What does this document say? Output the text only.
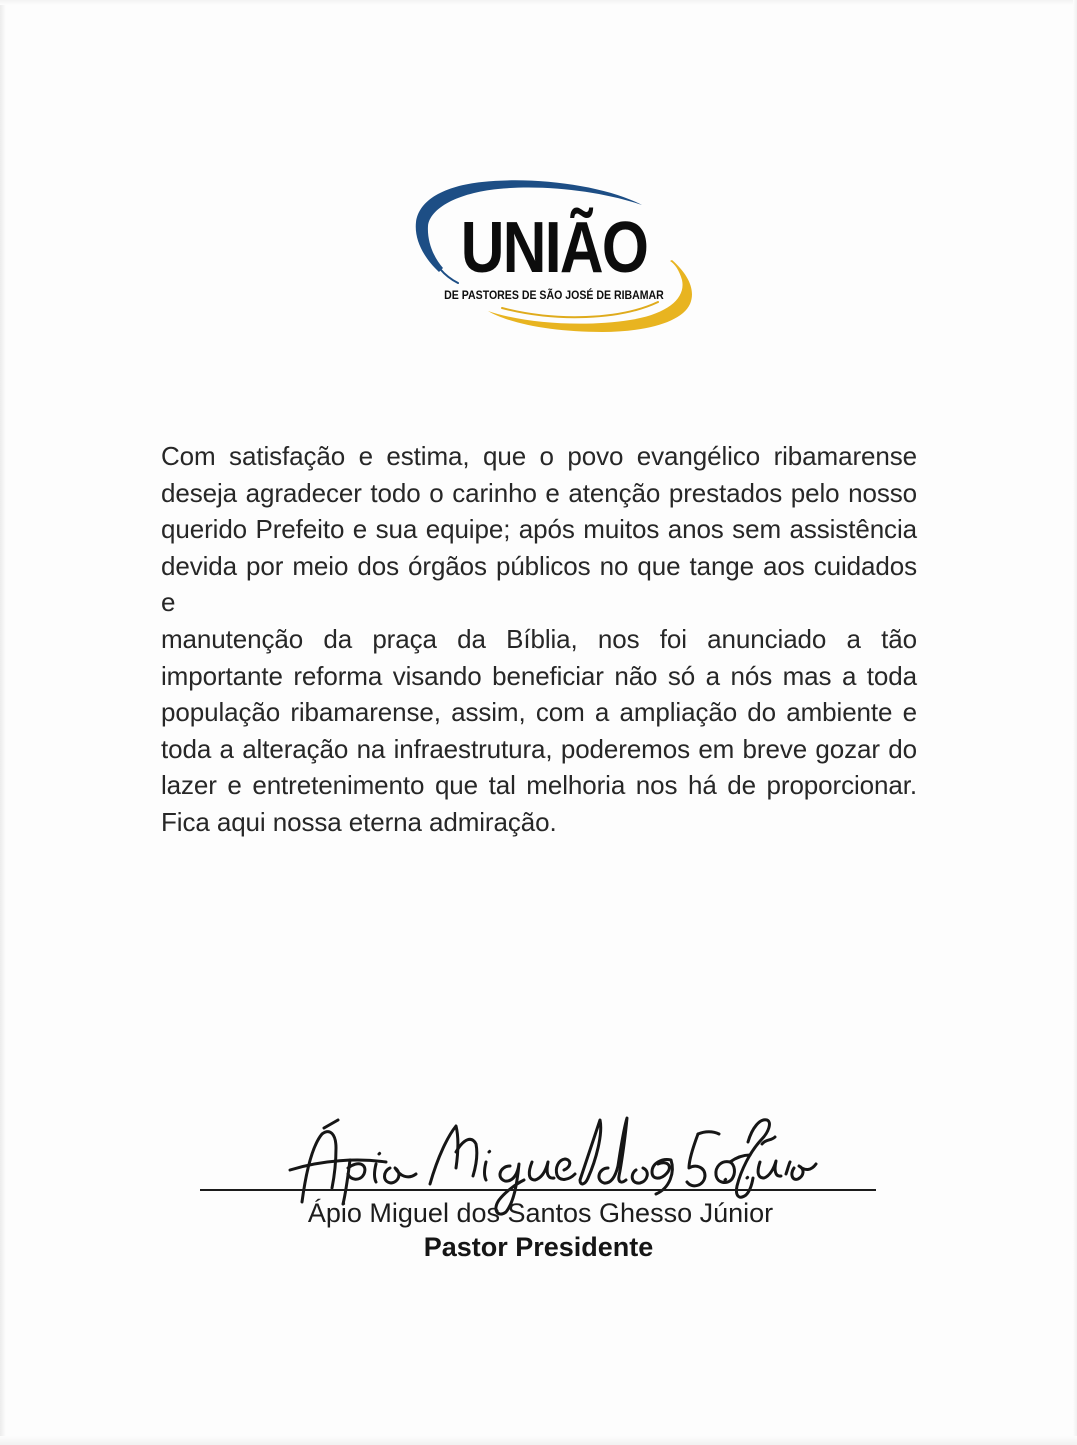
UNIÃO
DE PASTORES DE SÃO JOSÉ DE RIBAMAR
Com satisfação e estima, que o povo evangélico ribamarense
deseja agradecer todo o carinho e atenção prestados pelo nosso
querido Prefeito e sua equipe; após muitos anos sem assistência
devida por meio dos órgãos públicos no que tange aos cuidados e
manutenção da praça da Bíblia, nos foi anunciado a tão
importante reforma visando beneficiar não só a nós mas a toda
população ribamarense, assim, com a ampliação do ambiente e
toda a alteração na infraestrutura, poderemos em breve gozar do
lazer e entretenimento que tal melhoria nos há de proporcionar.
Fica aqui nossa eterna admiração.
Ápio Miguel dos Santos Ghesso Júnior
Pastor Presidente
